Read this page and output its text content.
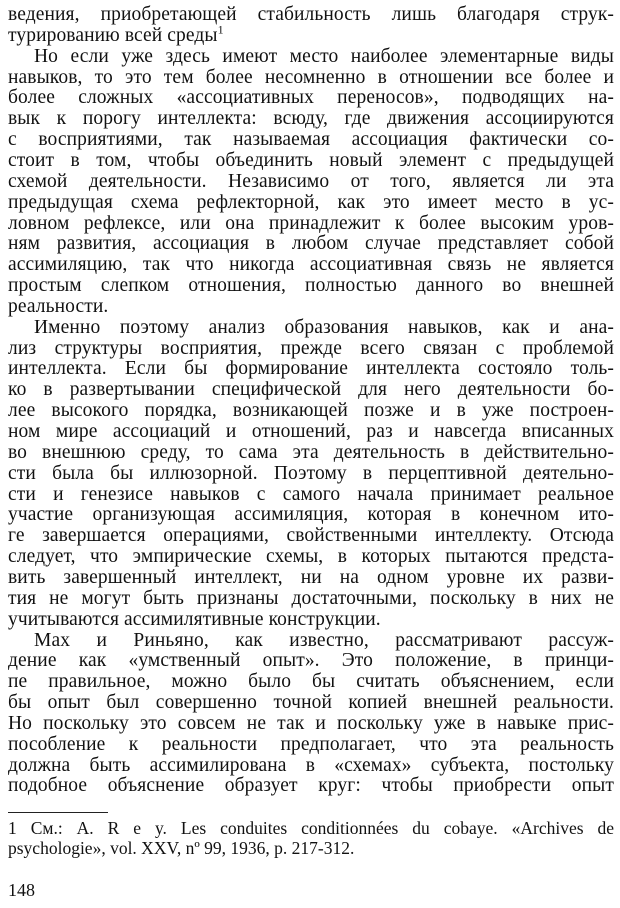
ведения, приобретающей стабильность лишь благодаря струк-
турированию всей среды$^1$
Но если уже здесь имеют место наиболее элементарные виды
навыков, то это тем более несомненно в отношении все более и
более сложных «ассоциативных переносов», подводящих на-
вык к порогу интеллекта: всюду, где движения ассоциируются
с восприятиями, так называемая ассоциация фактически со-
стоит в том, чтобы объединить новый элемент с предыдущей
схемой деятельности. Независимо от того, является ли эта
предыдущая схема рефлекторной, как это имеет место в ус-
ловном рефлексе, или она принадлежит к более высоким уров-
ням развития, ассоциация в любом случае представляет собой
ассимиляцию, так что никогда ассоциативная связь не является
простым слепком отношения, полностью данного во внешней
реальности.
Именно поэтому анализ образования навыков, как и ана-
лиз структуры восприятия, прежде всего связан с проблемой
интеллекта. Если бы формирование интеллекта состояло толь-
ко в развертывании специфической для него деятельности бо-
лее высокого порядка, возникающей позже и в уже построен-
ном мире ассоциаций и отношений, раз и навсегда вписанных
во внешнюю среду, то сама эта деятельность в действительно-
сти была бы иллюзорной. Поэтому в перцептивной деятельно-
сти и генезисе навыков с самого начала принимает реальное
участие организующая ассимиляция, которая в конечном ито-
ге завершается операциями, свойственными интеллекту. Отсюда
следует, что эмпирические схемы, в которых пытаются предста-
вить завершенный интеллект, ни на одном уровне их разви-
тия не могут быть признаны достаточными, поскольку в них не
учитываются ассимилятивные конструкции.
Мах и Риньяно, как известно, рассматривают рассуж-
дение как «умственный опыт». Это положение, в принци-
пе правильное, можно было бы считать объяснением, если
бы опыт был совершенно точной копией внешней реальности.
Но поскольку это совсем не так и поскольку уже в навыке прис-
пособление к реальности предполагает, что эта реальность
должна быть ассимилирована в «схемах» субъекта, постольку
подобное объяснение образует круг: чтобы приобрести опыт
1 См.: A. R e y. Les conduites conditionnées du cobaye. «Archives de
psychologie», vol. XXV, nº 99, 1936, p. 217-312.
148
